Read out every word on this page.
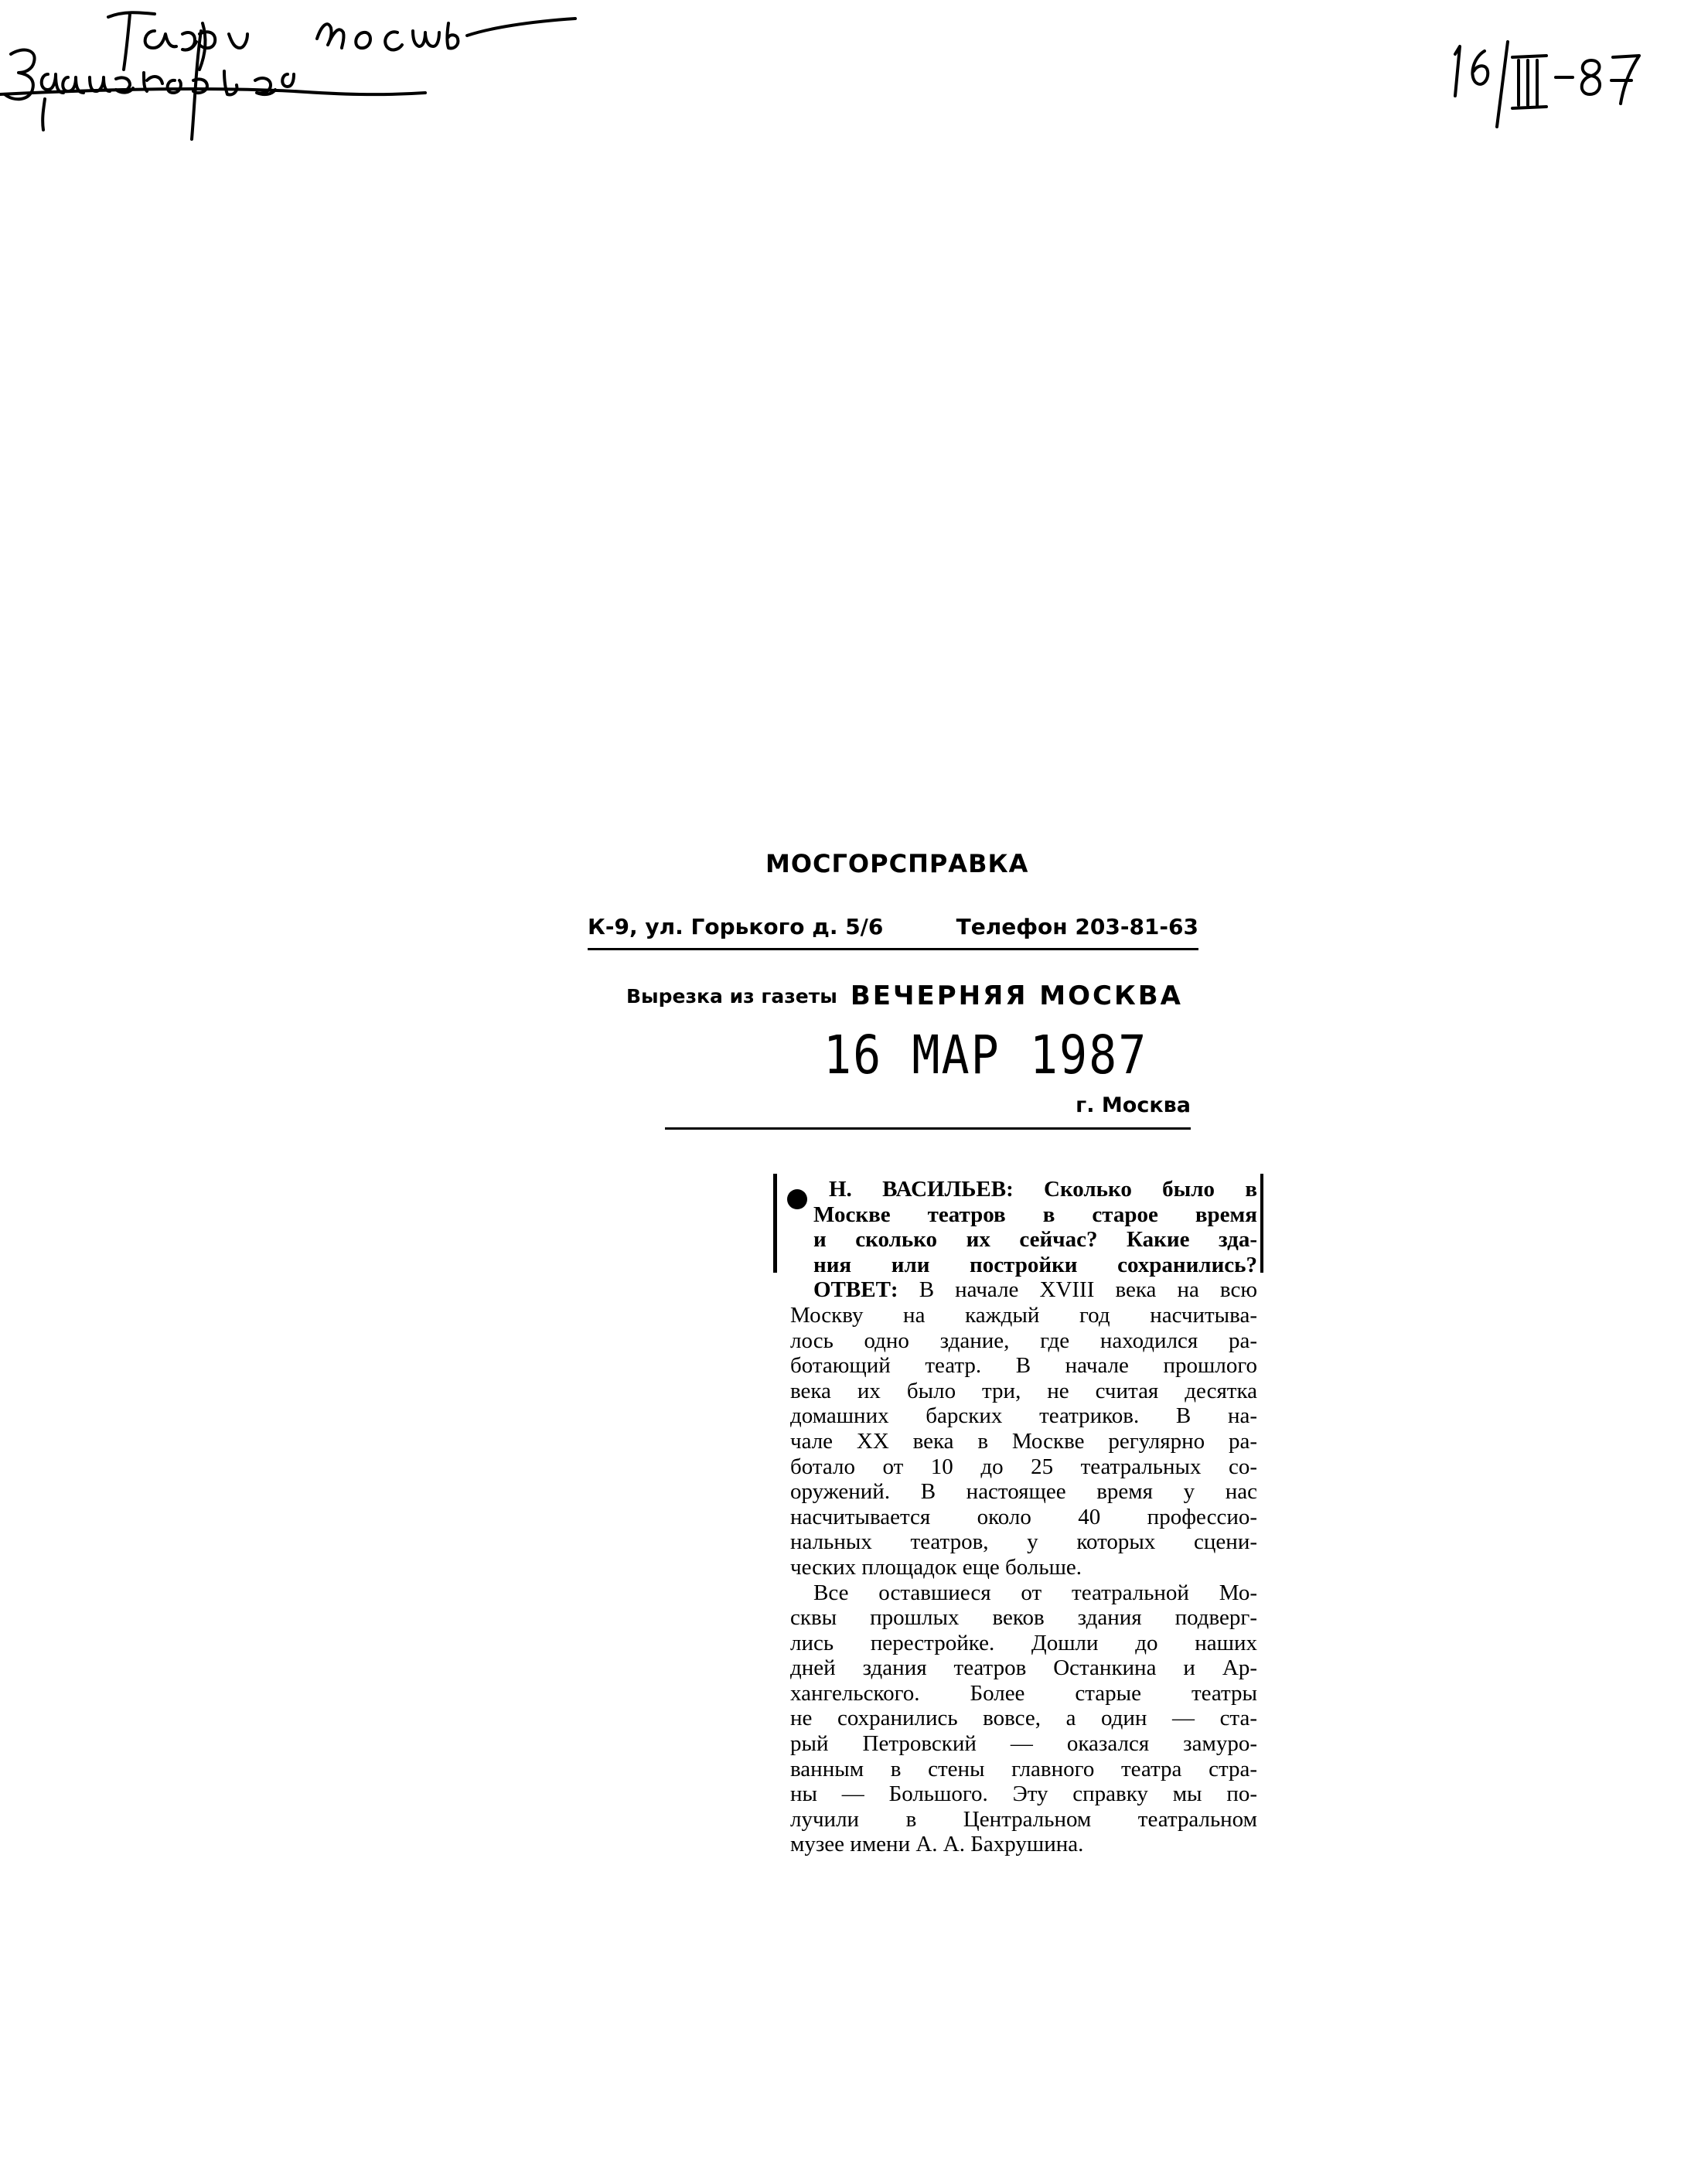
МОСГОРСПРАВКА
К-9, ул. Горького д. 5/6	Телефон 203-81-63
Вырезка из газеты ВЕЧЕРНЯЯ МОСКВА
16 МАР 1987
г. Москва
Н. ВАСИЛЬЕВ: Сколько было в
Москве театров в старое время
и сколько их сейчас? Какие зда-
ния или постройки сохранились?
ОТВЕТ: В начале XVIII века на всю
Москву на каждый год насчитыва-
лось одно здание, где находился ра-
ботающий театр. В начале прошлого
века их было три, не считая десятка
домашних барских театриков. В на-
чале XX века в Москве регулярно ра-
ботало от 10 до 25 театральных со-
оружений. В настоящее время у нас
насчитывается около 40 профессио-
нальных театров, у которых сцени-
ческих площадок еще больше.
Все оставшиеся от театральной Мо-
сквы прошлых веков здания подверг-
лись перестройке. Дошли до наших
дней здания театров Останкина и Ар-
хангельского. Более старые театры
не сохранились вовсе, а один — ста-
рый Петровский — оказался замуро-
ванным в стены главного театра стра-
ны — Большого. Эту справку мы по-
лучили в Центральном театральном
музее имени А. А. Бахрушина.
